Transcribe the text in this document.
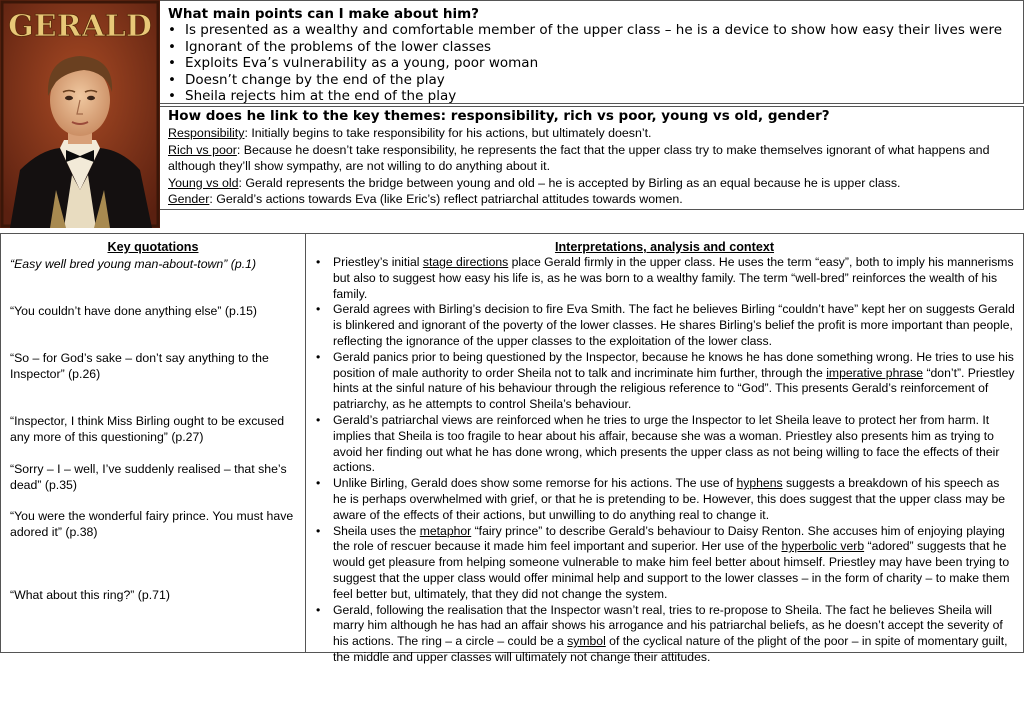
GERALD What main points can I make about him?
• Is presented as a wealthy and comfortable member of the upper class – he is a device to show how easy their lives were
• Ignorant of the problems of the lower classes
• Exploits Eva’s vulnerability as a young, poor woman
• Doesn’t change by the end of the play
• Sheila rejects him at the end of the play
How does he link to the key themes: responsibility, rich vs poor, young vs old, gender?

Responsibility: Initially begins to take responsibility for his actions, but ultimately doesn’t.

Rich vs poor: Because he doesn’t take responsibility, he represents the fact that the upper class try to make themselves ignorant of what happens and although they’ll show sympathy, are not willing to do anything about it.

Young vs old: Gerald represents the bridge between young and old – he is accepted by Birling as an equal because he is upper class.

Gender: Gerald’s actions towards Eva (like Eric’s) reflect patriarchal attitudes towards women.

Key quotations
“Easy well bred young man-about-town” (p.1)
“You couldn’t have done anything else” (p.15)
“So – for God’s sake – don’t say anything to the Inspector” (p.26)
“Inspector, I think Miss Birling ought to be excused any more of this questioning” (p.27)
“Sorry – I – well, I’ve suddenly realised – that she’s dead” (p.35)
“You were the wonderful fairy prince. You must have adored it” (p.38)
“What about this ring?” (p.71)
Interpretations, analysis and context
• Priestley’s initial stage directions place Gerald firmly in the upper class. He uses the term “easy”, both to imply his mannerisms but also to suggest how easy his life is, as he was born to a wealthy family. The term “well-bred” reinforces the wealth of his family.
• Gerald agrees with Birling’s decision to fire Eva Smith. The fact he believes Birling “couldn’t have” kept her on suggests Gerald is blinkered and ignorant of the poverty of the lower classes. He shares Birling’s belief the profit is more important than people, reflecting the ignorance of the upper classes to the exploitation of the lower class.
• Gerald panics prior to being questioned by the Inspector, because he knows he has done something wrong. He tries to use his position of male authority to order Sheila not to talk and incriminate him further, through the imperative phrase “don’t”. Priestley hints at the sinful nature of his behaviour through the religious reference to “God”. This presents Gerald’s reinforcement of patriarchy, as he attempts to control Sheila’s behaviour.
• Gerald’s patriarchal views are reinforced when he tries to urge the Inspector to let Sheila leave to protect her from harm. It implies that Sheila is too fragile to hear about his affair, because she was a woman. Priestley also presents him as trying to avoid her finding out what he has done wrong, which presents the upper class as not being willing to face the effects of their actions.
• Unlike Birling, Gerald does show some remorse for his actions. The use of hyphens suggests a breakdown of his speech as he is perhaps overwhelmed with grief, or that he is pretending to be. However, this does suggest that the upper class may be aware of the effects of their actions, but unwilling to do anything real to change it.
• Sheila uses the metaphor “fairy prince” to describe Gerald’s behaviour to Daisy Renton. She accuses him of enjoying playing the role of rescuer because it made him feel important and superior. Her use of the hyperbolic verb “adored” suggests that he would get pleasure from helping someone vulnerable to make him feel better about himself. Priestley may have been trying to suggest that the upper class would offer minimal help and support to the lower classes – in the form of charity – to make them feel better but, ultimately, that they did not change the system.
• Gerald, following the realisation that the Inspector wasn’t real, tries to re-propose to Sheila. The fact he believes Sheila will marry him although he has had an affair shows his arrogance and his patriarchal beliefs, as he doesn’t accept the severity of his actions. The ring – a circle – could be a symbol of the cyclical nature of the plight of the poor – in spite of momentary guilt, the middle and upper classes will ultimately not change their attitudes.
